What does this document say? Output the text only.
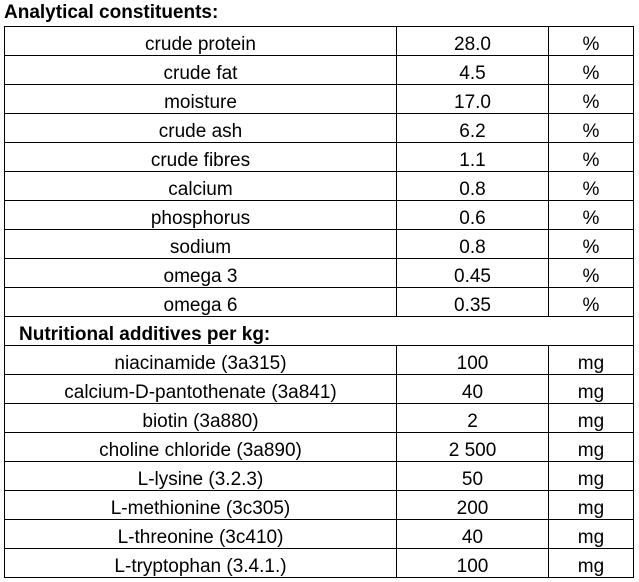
Analytical constituents:
crude protein	28.0	%
crude fat	4.5	%
moisture	17.0	%
crude ash	6.2	%
crude fibres	1.1	%
calcium	0.8	%
phosphorus	0.6	%
sodium	0.8	%
omega 3	0.45	%
omega 6	0.35	%
Nutritional additives per kg:		
niacinamide (3a315)	100	mg
calcium-D-pantothenate (3a841)	40	mg
biotin (3a880)	2	mg
choline chloride (3a890)	2 500	mg
L-lysine (3.2.3)	50	mg
L-methionine (3c305)	200	mg
L-threonine (3c410)	40	mg
L-tryptophan (3.4.1.)	100	mg
